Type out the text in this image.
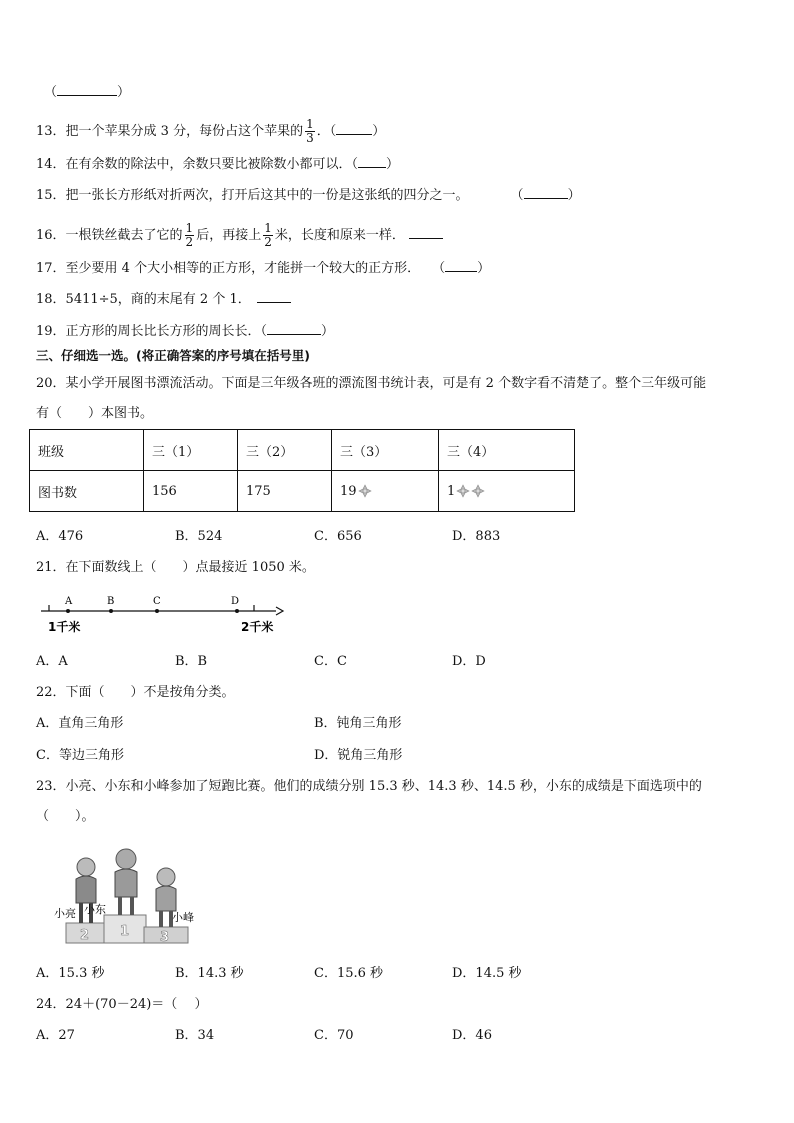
（	）
13．把一个苹果分成 3 分，每份占这个苹果的 $\frac{1}{3}$ ．（	）
14．在有余数的除法中，余数只要比被除数小都可以．（ ）
15．把一张长方形纸对折两次，打开后这其中的一份是这张纸的四分之一。	（	）
16．一根铁丝截去了它的 $\frac{1}{2}$ 后，再接上 $\frac{1}{2}$ 米，长度和原来一样．
17．至少要用 4 个大小相等的正方形，才能拼一个较大的正方形． （ ）
18．5411÷5，商的末尾有 2 个 1．
19．正方形的周长比长方形的周长长．（	）
三、仔细选一选。(将正确答案的序号填在括号里)
20．某小学开展图书漂流活动。下面是三年级各班的漂流图书统计表，可是有 2 个数字看不清楚了。整个三年级可能
有（　　）本图书。
班级	三（1）	三（2）	三（3）	三（4）
图书数	156	175	19	1
A．476	B．524	C．656	D．883
21．在下面数线上（　　）点最接近 1050 米。
A	B	C	D
1千米	2千米
A．A	B．B	C．C	D．D
22．下面（　　）不是按角分类。
A．直角三角形	B．钝角三角形
C．等边三角形	D．锐角三角形
23．小亮、小东和小峰参加了短跑比赛。他们的成绩分别 15.3 秒、14.3 秒、14.5 秒，小东的成绩是下面选项中的
（　　）。
2 1 3
小亮 小东
小峰
A．15.3 秒	B．14.3 秒	C．15.6 秒	D．14.5 秒
24．24＋(70－24)＝（　 ）
A．27	B．34	C．70	D．46
